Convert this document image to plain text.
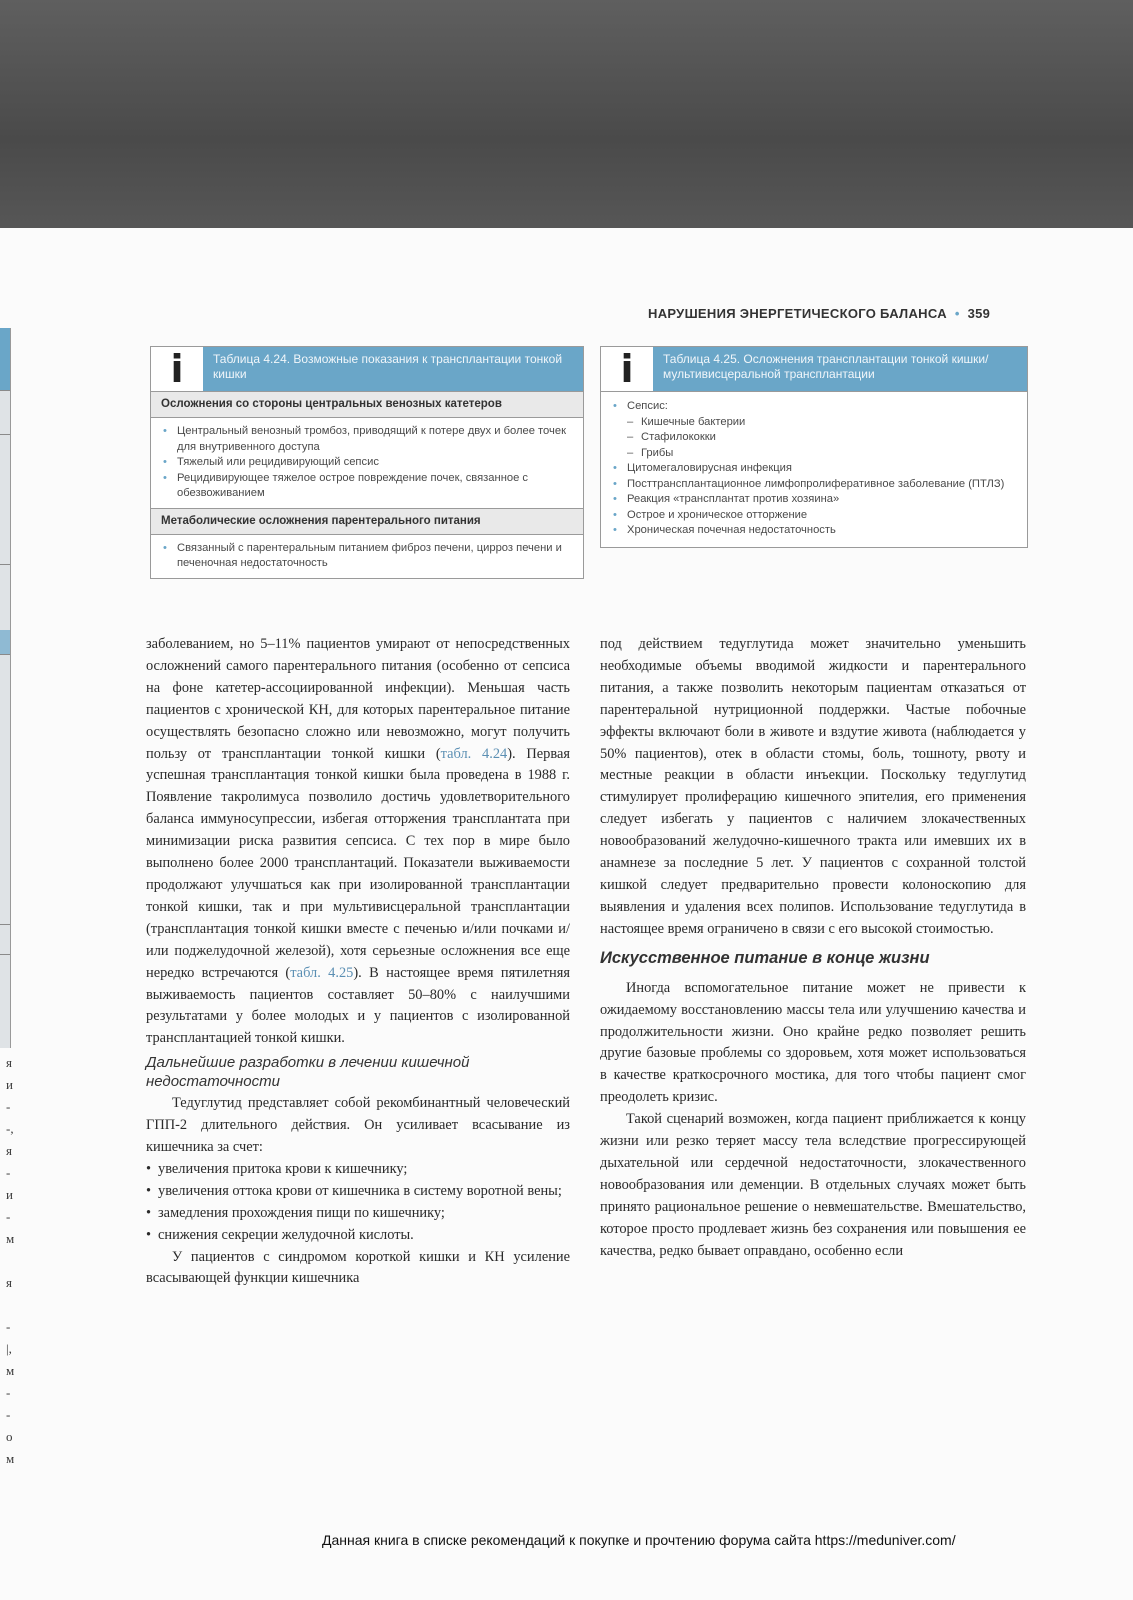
я
и
-
-,
я
-
и
-
м

я

-
|,
м
-
-
о
м
НАРУШЕНИЯ ЭНЕРГЕТИЧЕСКОГО БАЛАНСА • 359
i	Таблица 4.24. Возможные показания к трансплантации тонкой кишки
Осложнения со стороны центральных венозных катетеров
• Центральный венозный тромбоз, приводящий к потере двух и более точек для внутривенного доступа
• Тяжелый или рецидивирующий сепсис
• Рецидивирующее тяжелое острое повреждение почек, связанное с обезвоживанием
Метаболические осложнения парентерального питания
• Связанный с парентеральным питанием фиброз печени, цирроз печени и печеночная недостаточность
i	Таблица 4.25. Осложнения трансплантации тонкой кишки/мультивисцеральной трансплантации
• Сепсис:
– Кишечные бактерии
– Стафилококки
– Грибы
• Цитомегаловирусная инфекция
• Посттрансплантационное лимфопролиферативное заболевание (ПТЛЗ)
• Реакция «трансплантат против хозяина»
• Острое и хроническое отторжение
• Хроническая почечная недостаточность

заболеванием, но 5–11% пациентов умирают от непосредственных осложнений самого парентерального питания (особенно от сепсиса на фоне катетер-ассоциированной инфекции). Меньшая часть пациентов с хронической КН, для которых парентеральное питание осуществлять безопасно сложно или невозможно, могут получить пользу от трансплантации тонкой кишки (табл. 4.24). Первая успешная трансплантация тонкой кишки была проведена в 1988 г. Появление такролимуса позволило достичь удовлетворительного баланса иммуносупрессии, избегая отторжения трансплантата при минимизации риска развития сепсиса. С тех пор в мире было выполнено более 2000 трансплантаций. Показатели выживаемости продолжают улучшаться как при изолированной трансплантации тонкой кишки, так и при мультивисцеральной трансплантации (трансплантация тонкой кишки вместе с печенью и/или почками и/или поджелудочной железой), хотя серьезные осложнения все еще нередко встречаются (табл. 4.25). В настоящее время пятилетняя выживаемость пациентов составляет 50–80% с наилучшими результатами у более молодых и у пациентов с изолированной трансплантацией тонкой кишки.

Дальнейшие разработки в лечении кишечной недостаточности

Тедуглутид представляет собой рекомбинантный человеческий ГПП-2 длительного действия. Он усиливает всасывание из кишечника за счет:

• увеличения притока крови к кишечнику;
• увеличения оттока крови от кишечника в систему воротной вены;
• замедления прохождения пищи по кишечнику;
• снижения секреции желудочной кислоты.

У пациентов с синдромом короткой кишки и КН усиление всасывающей функции кишечника

под действием тедуглутида может значительно уменьшить необходимые объемы вводимой жидкости и парентерального питания, а также позволить некоторым пациентам отказаться от парентеральной нутриционной поддержки. Частые побочные эффекты включают боли в животе и вздутие живота (наблюдается у 50% пациентов), отек в области стомы, боль, тошноту, рвоту и местные реакции в области инъекции. Поскольку тедуглутид стимулирует пролиферацию кишечного эпителия, его применения следует избегать у пациентов с наличием злокачественных новообразований желудочно-кишечного тракта или имевших их в анамнезе за последние 5 лет. У пациентов с сохранной толстой кишкой следует предварительно провести колоноскопию для выявления и удаления всех полипов. Использование тедуглутида в настоящее время ограничено в связи с его высокой стоимостью.

Искусственное питание в конце жизни

Иногда вспомогательное питание может не привести к ожидаемому восстановлению массы тела или улучшению качества и продолжительности жизни. Оно крайне редко позволяет решить другие базовые проблемы со здоровьем, хотя может использоваться в качестве краткосрочного мостика, для того чтобы пациент смог преодолеть кризис.

Такой сценарий возможен, когда пациент приближается к концу жизни или резко теряет массу тела вследствие прогрессирующей дыхательной или сердечной недостаточности, злокачественного новообразования или деменции. В отдельных случаях может быть принято рациональное решение о невмешательстве. Вмешательство, которое просто продлевает жизнь без сохранения или повышения ее качества, редко бывает оправдано, особенно если

Данная книга в списке рекомендаций к покупке и прочтению форума сайта https://meduniver.com/
